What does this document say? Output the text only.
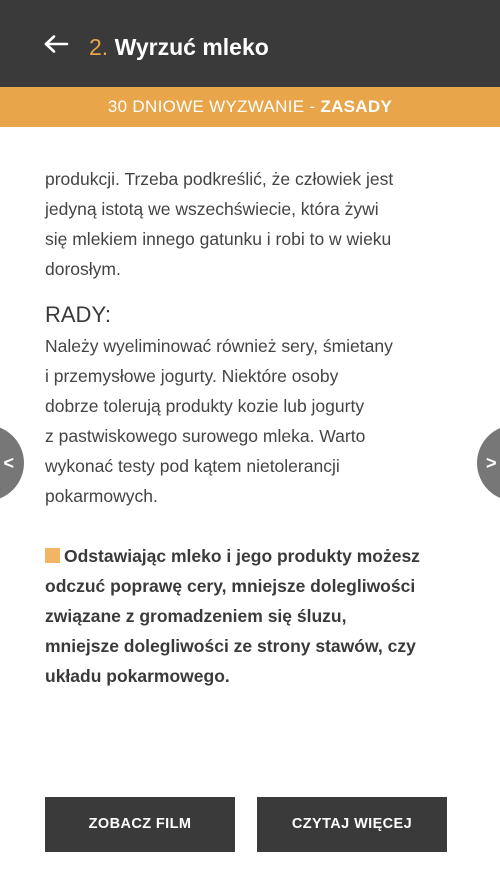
2. Wyrzuć mleko
30 DNIOWE WYZWANIE - ZASADY

produkcji. Trzeba podkreślić, że człowiek jest
jedyną istotą we wszechświecie, która żywi
się mlekiem innego gatunku i robi to w wieku
dorosłym.

RADY:

Należy wyeliminować również sery, śmietany
i przemysłowe jogurty. Niektóre osoby
dobrze tolerują produkty kozie lub jogurty
z pastwiskowego surowego mleka. Warto
wykonać testy pod kątem nietolerancji
pokarmowych.

Odstawiając mleko i jego produkty możesz
odczuć poprawę cery, mniejsze dolegliwości
związane z gromadzeniem się śluzu,
mniejsze dolegliwości ze strony stawów, czy
układu pokarmowego.

<	>
ZOBACZ FILM	CZYTAJ WIĘCEJ
